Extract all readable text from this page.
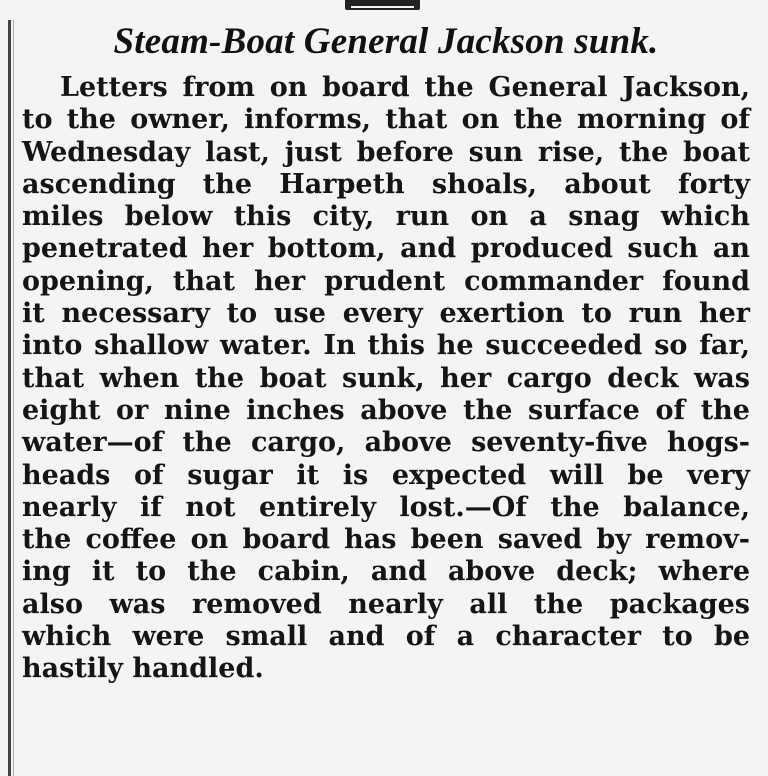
Steam-Boat General Jackson sunk.
Letters from on board the General Jackson,
to the owner, informs, that on the morning of
Wednesday last, just before sun rise, the boat
ascending the Harpeth shoals, about forty
miles below this city, run on a snag which
penetrated her bottom, and produced such an
opening, that her prudent commander found
it necessary to use every exertion to run her
into shallow water. In this he succeeded so far,
that when the boat sunk, her cargo deck was
eight or nine inches above the surface of the
water—of the cargo, above seventy-five hogs-
heads of sugar it is expected will be very
nearly if not entirely lost.—Of the balance,
the coffee on board has been saved by remov-
ing it to the cabin, and above deck; where
also was removed nearly all the packages
which were small and of a character to be
hastily handled.
